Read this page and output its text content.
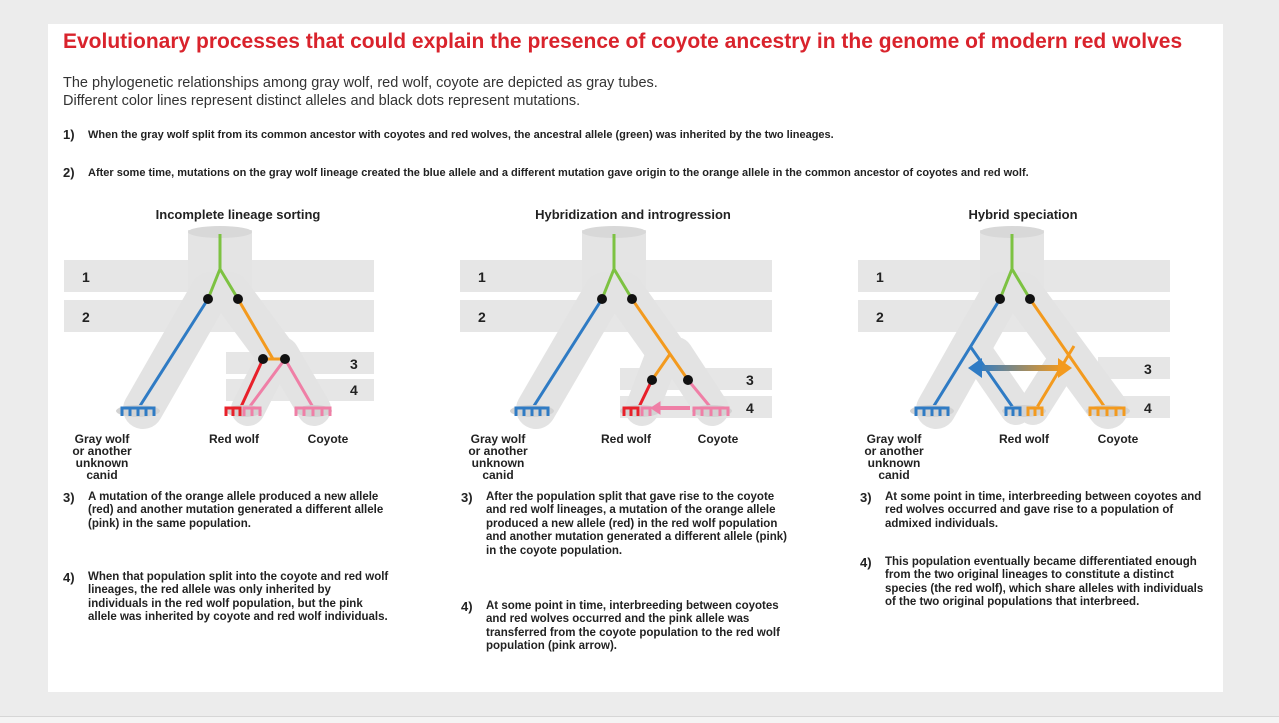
Evolutionary processes that could explain the presence of coyote ancestry in the genome of modern red wolves
The phylogenetic relationships among gray wolf, red wolf, coyote are depicted as gray tubes.
Different color lines represent distinct alleles and black dots represent mutations.
1) When the gray wolf split from its common ancestor with coyotes and red wolves, the ancestral allele (green) was inherited by the two lineages.
2) After some time, mutations on the gray wolf lineage created the blue allele and a different mutation gave origin to the orange allele in the common ancestor of coyotes and red wolf.
Incomplete lineage sorting	Hybridization and introgression	Hybrid speciation
1
2
3
4
Gray wolf
or another
unknown
canid
Red wolf	Coyote
1
2
3
4
Gray wolf
or another
unknown
canid
Red wolf	Coyote
1
2
3
4
Gray wolf
or another
unknown
canid
Red wolf	Coyote
3)	A mutation of the orange allele produced a new allele (red) and another mutation generated a different allele (pink) in the same population.
4)	When that population split into the coyote and red wolf lineages, the red allele was only inherited by individuals in the red wolf population, but the pink allele was inherited by coyote and red wolf individuals.
3)	After the population split that gave rise to the coyote and red wolf lineages, a mutation of the orange allele produced a new allele (red) in the red wolf population and another mutation generated a different allele (pink) in the coyote population.
4)	At some point in time, interbreeding between coyotes and red wolves occurred and the pink allele was transferred from the coyote population to the red wolf population (pink arrow).
3)	At some point in time, interbreeding between coyotes and red wolves occurred and gave rise to a population of admixed individuals.
4)	This population eventually became differentiated enough from the two original lineages to constitute a distinct species (the red wolf), which share alleles with individuals of the two original populations that interbreed.
